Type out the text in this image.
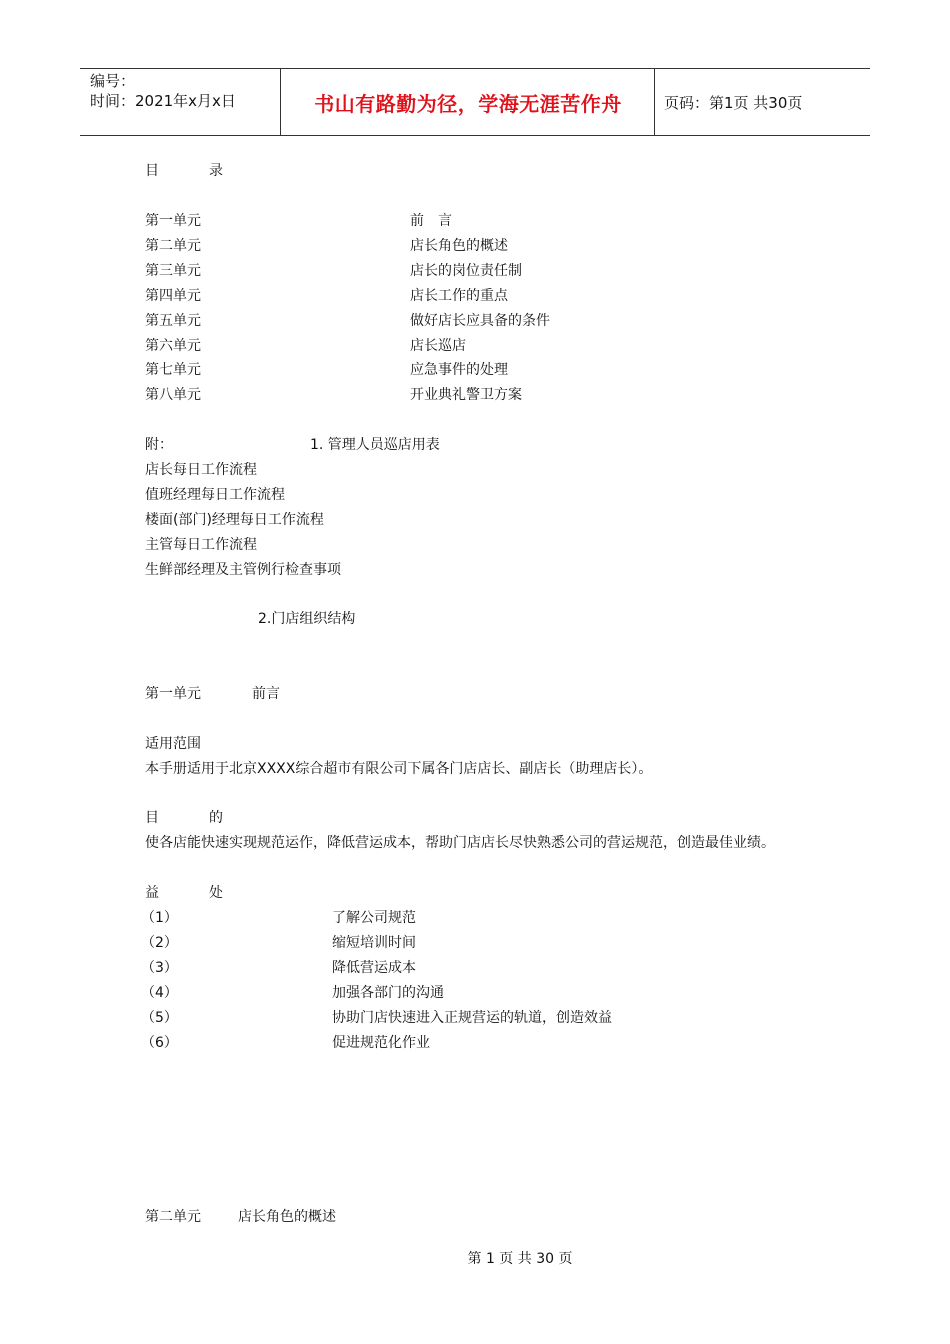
编号：
时间：2021年x月x日	书山有路勤为径，学海无涯苦作舟	页码：第1页 共30页
目	录
第一单元	前　言
第二单元	店长角色的概述
第三单元	店长的岗位责任制
第四单元	店长工作的重点
第五单元	做好店长应具备的条件
第六单元	店长巡店
第七单元	应急事件的处理
第八单元	开业典礼警卫方案
附：	1. 管理人员巡店用表
店长每日工作流程
值班经理每日工作流程
楼面(部门)经理每日工作流程
主管每日工作流程
生鲜部经理及主管例行检查事项
2.门店组织结构
第一单元	前言
适用范围
本手册适用于北京XXXX综合超市有限公司下属各门店店长、副店长（助理店长）。
目	的
使各店能快速实现规范运作，降低营运成本，帮助门店店长尽快熟悉公司的营运规范，创造最佳业绩。
益	处
（1）	了解公司规范
（2）	缩短培训时间
（3）	降低营运成本
（4）	加强各部门的沟通
（5）	协助门店快速进入正规营运的轨道，创造效益
（6）	促进规范化作业
第二单元	店长角色的概述
第 1 页 共 30 页
